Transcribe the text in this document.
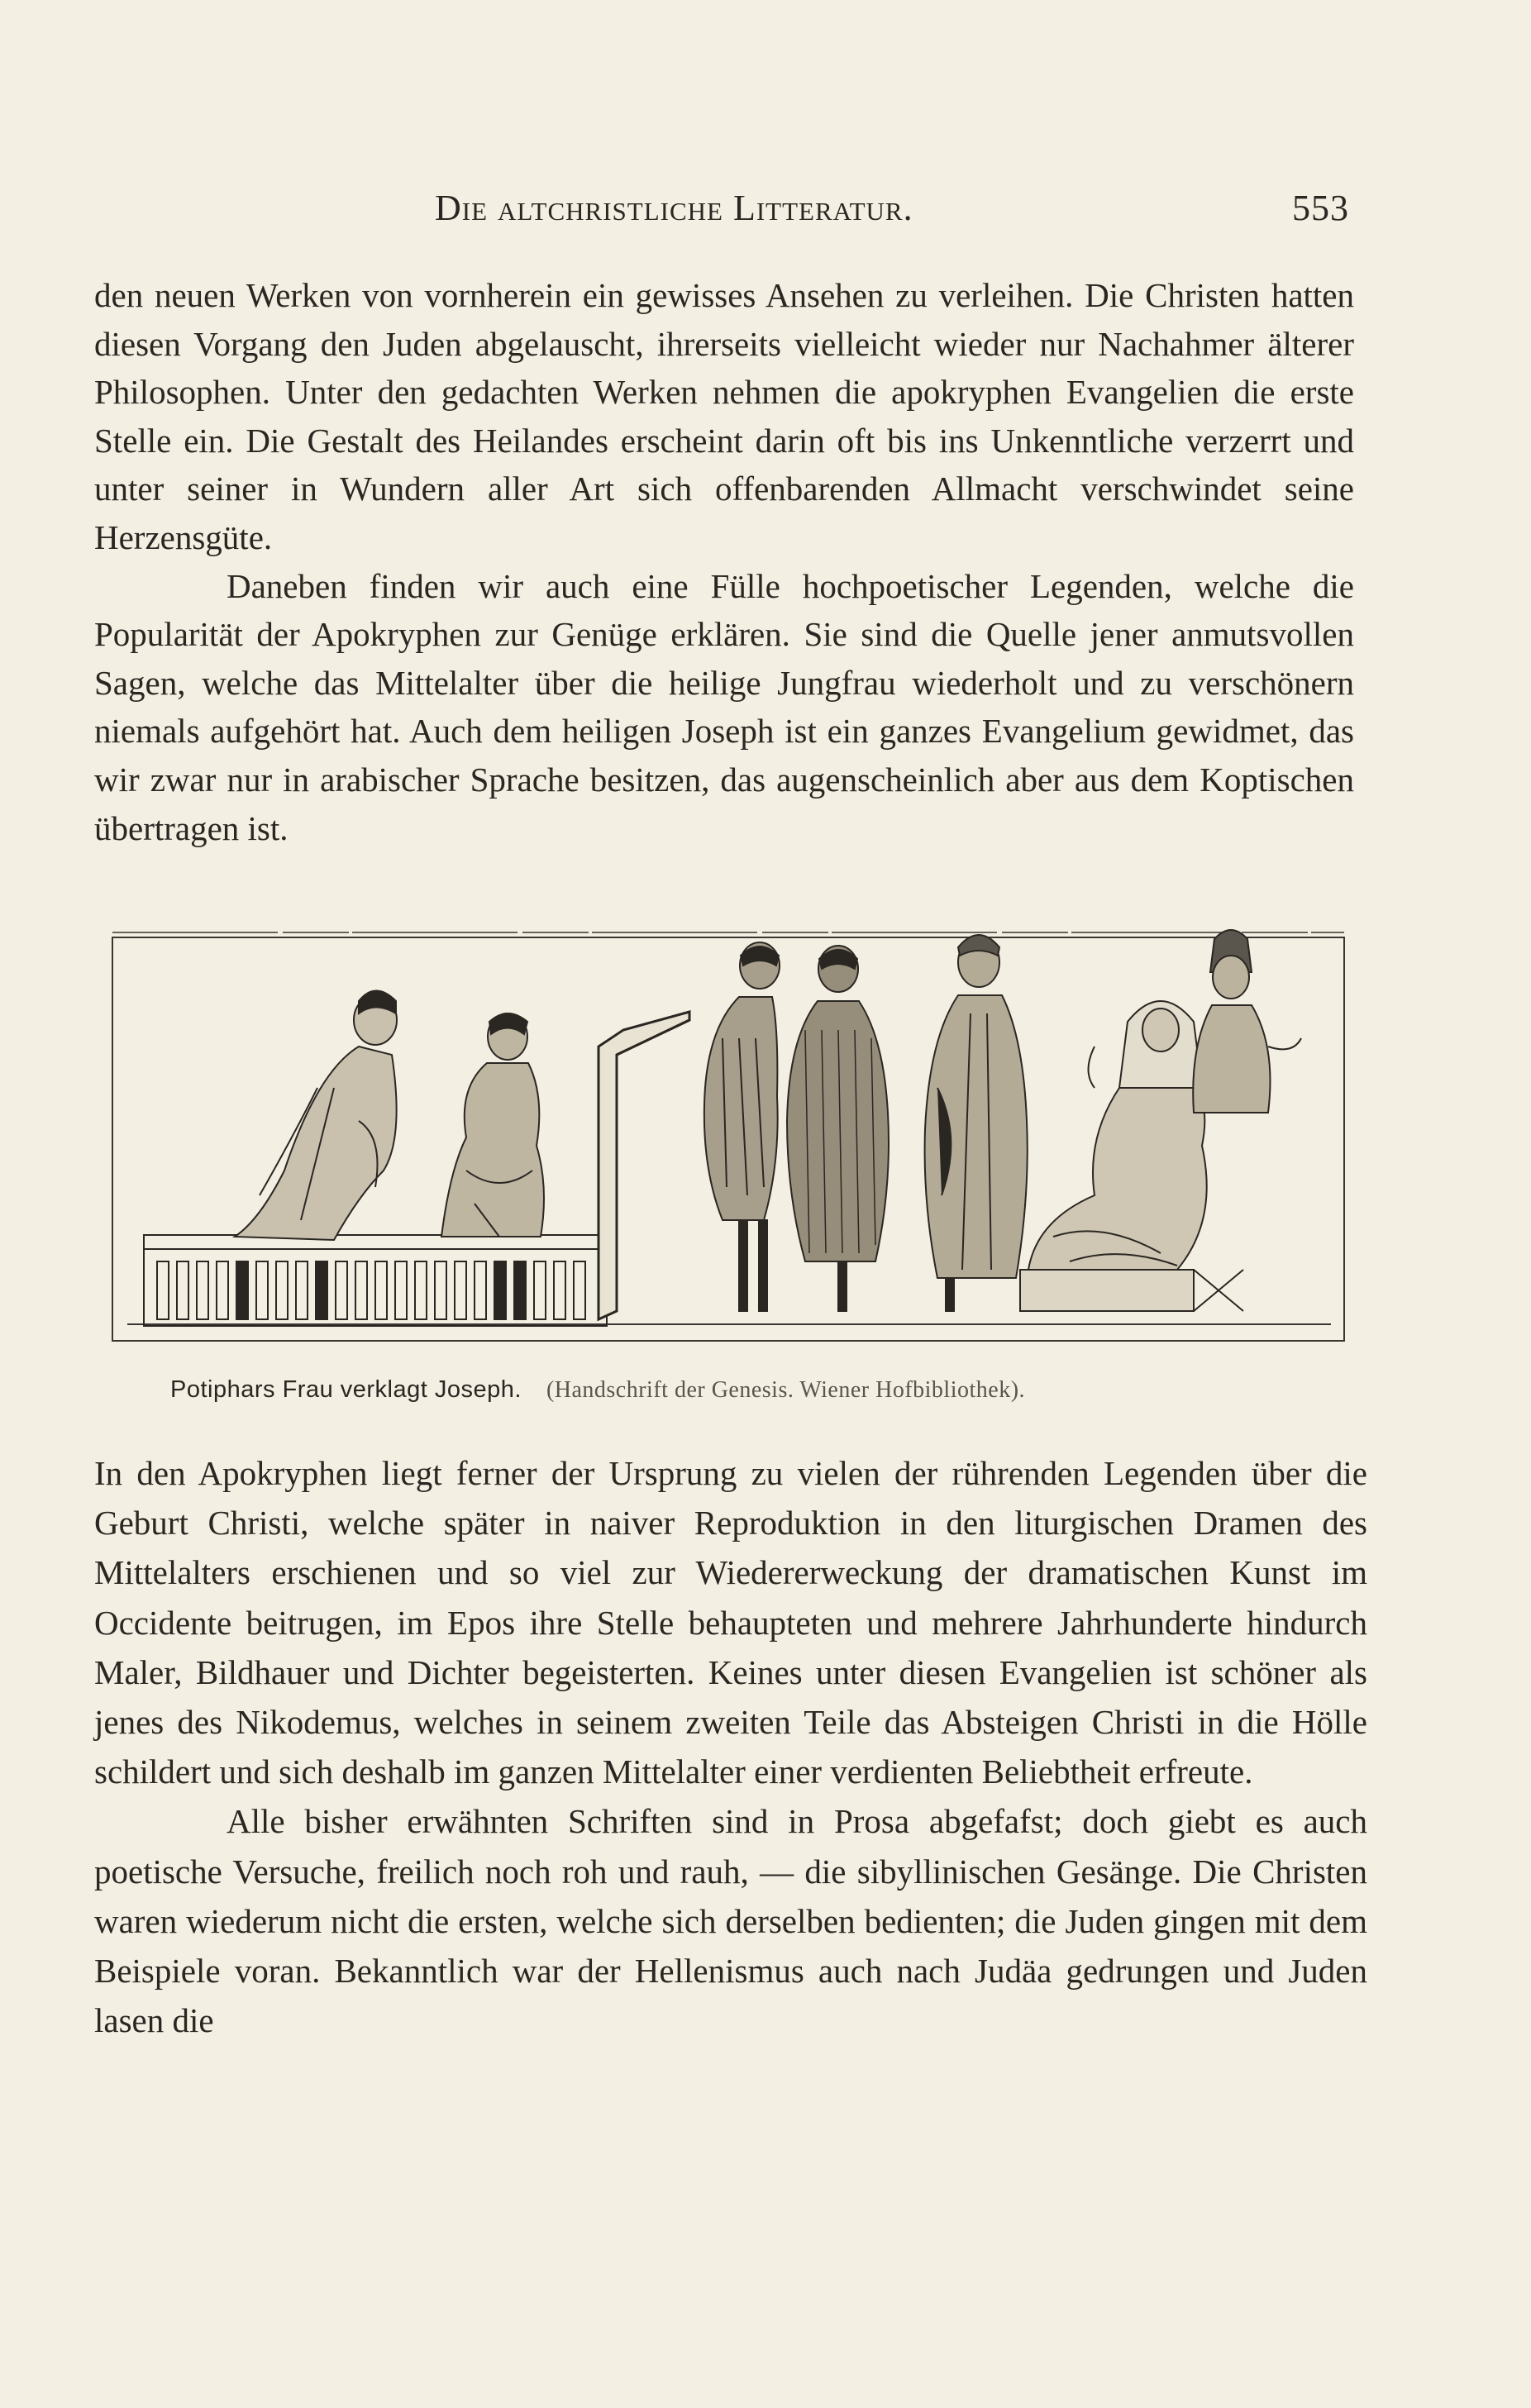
Die altchristliche Litteratur.	553

den neuen Werken von vornherein ein gewisses Ansehen zu verleihen. Die Christen hatten diesen Vorgang den Juden abgelauscht, ihrerseits vielleicht wieder nur Nachahmer älterer Philosophen. Unter den gedachten Werken nehmen die apokryphen Evangelien die erste Stelle ein. Die Gestalt des Heilandes erscheint darin oft bis ins Unkenntliche verzerrt und unter seiner in Wundern aller Art sich offenbarenden Allmacht verschwindet seine Herzensgüte.

Daneben finden wir auch eine Fülle hochpoetischer Legenden, welche die Popularität der Apokryphen zur Genüge erklären. Sie sind die Quelle jener anmutsvollen Sagen, welche das Mittelalter über die heilige Jungfrau wiederholt und zu verschönern niemals aufgehört hat. Auch dem heiligen Joseph ist ein ganzes Evangelium gewidmet, das wir zwar nur in arabischer Sprache besitzen, das augenscheinlich aber aus dem Koptischen übertragen ist.

Potiphars Frau verklagt Joseph. (Handschrift der Genesis. Wiener Hofbibliothek).

In den Apokryphen liegt ferner der Ursprung zu vielen der rührenden Legenden über die Geburt Christi, welche später in naiver Reproduktion in den liturgischen Dramen des Mittelalters erschienen und so viel zur Wiedererweckung der dramatischen Kunst im Occidente beitrugen, im Epos ihre Stelle behaupteten und mehrere Jahrhunderte hindurch Maler, Bildhauer und Dichter begeisterten. Keines unter diesen Evangelien ist schöner als jenes des Nikodemus, welches in seinem zweiten Teile das Absteigen Christi in die Hölle schildert und sich deshalb im ganzen Mittelalter einer verdienten Beliebtheit erfreute.

Alle bisher erwähnten Schriften sind in Prosa abgefafst; doch giebt es auch poetische Versuche, freilich noch roh und rauh, — die sibyllinischen Gesänge. Die Christen waren wiederum nicht die ersten, welche sich derselben bedienten; die Juden gingen mit dem Beispiele voran. Bekanntlich war der Hellenismus auch nach Judäa gedrungen und Juden lasen die
